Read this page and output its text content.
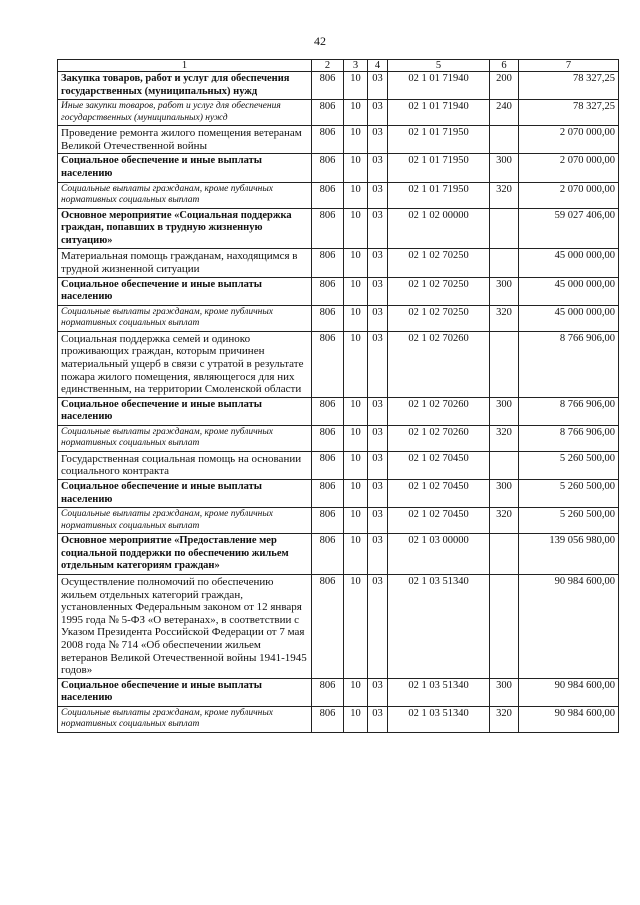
42
1	2	3	4	5	6	7
Закупка товаров, работ и услуг для обеспечения государственных (муниципальных) нужд	806	10	03	02 1 01 71940	200	78 327,25
Иные закупки товаров, работ и услуг для обеспечения государственных (муниципальных) нужд	806	10	03	02 1 01 71940	240	78 327,25
Проведение ремонта жилого помещения ветеранам Великой Отечественной войны	806	10	03	02 1 01 71950		2 070 000,00
Социальное обеспечение и иные выплаты населению	806	10	03	02 1 01 71950	300	2 070 000,00
Социальные выплаты гражданам, кроме публичных нормативных социальных выплат	806	10	03	02 1 01 71950	320	2 070 000,00
Основное мероприятие «Социальная поддержка граждан, попавших в трудную жизненную ситуацию»	806	10	03	02 1 02 00000		59 027 406,00
Материальная помощь гражданам, находящимся в трудной жизненной ситуации	806	10	03	02 1 02 70250		45 000 000,00
Социальное обеспечение и иные выплаты населению	806	10	03	02 1 02 70250	300	45 000 000,00
Социальные выплаты гражданам, кроме публичных нормативных социальных выплат	806	10	03	02 1 02 70250	320	45 000 000,00
Социальная поддержка семей и одиноко проживающих граждан, которым причинен материальный ущерб в связи с утратой в результате пожара жилого помещения, являющегося для них единственным, на территории Смоленской области	806	10	03	02 1 02 70260		8 766 906,00
Социальное обеспечение и иные выплаты населению	806	10	03	02 1 02 70260	300	8 766 906,00
Социальные выплаты гражданам, кроме публичных нормативных социальных выплат	806	10	03	02 1 02 70260	320	8 766 906,00
Государственная социальная помощь на основании социального контракта	806	10	03	02 1 02 70450		5 260 500,00
Социальное обеспечение и иные выплаты населению	806	10	03	02 1 02 70450	300	5 260 500,00
Социальные выплаты гражданам, кроме публичных нормативных социальных выплат	806	10	03	02 1 02 70450	320	5 260 500,00
Основное мероприятие «Предоставление мер социальной поддержки по обеспечению жильем отдельным категориям граждан»	806	10	03	02 1 03 00000		139 056 980,00
Осуществление полномочий по обеспечению жильем отдельных категорий граждан, установленных Федеральным законом от 12 января 1995 года № 5-ФЗ «О ветеранах», в соответствии с Указом Президента Российской Федерации от 7 мая 2008 года № 714 «Об обеспечении жильем ветеранов Великой Отечественной войны 1941-1945 годов»	806	10	03	02 1 03 51340		90 984 600,00
Социальное обеспечение и иные выплаты населению	806	10	03	02 1 03 51340	300	90 984 600,00
Социальные выплаты гражданам, кроме публичных нормативных социальных выплат	806	10	03	02 1 03 51340	320	90 984 600,00
